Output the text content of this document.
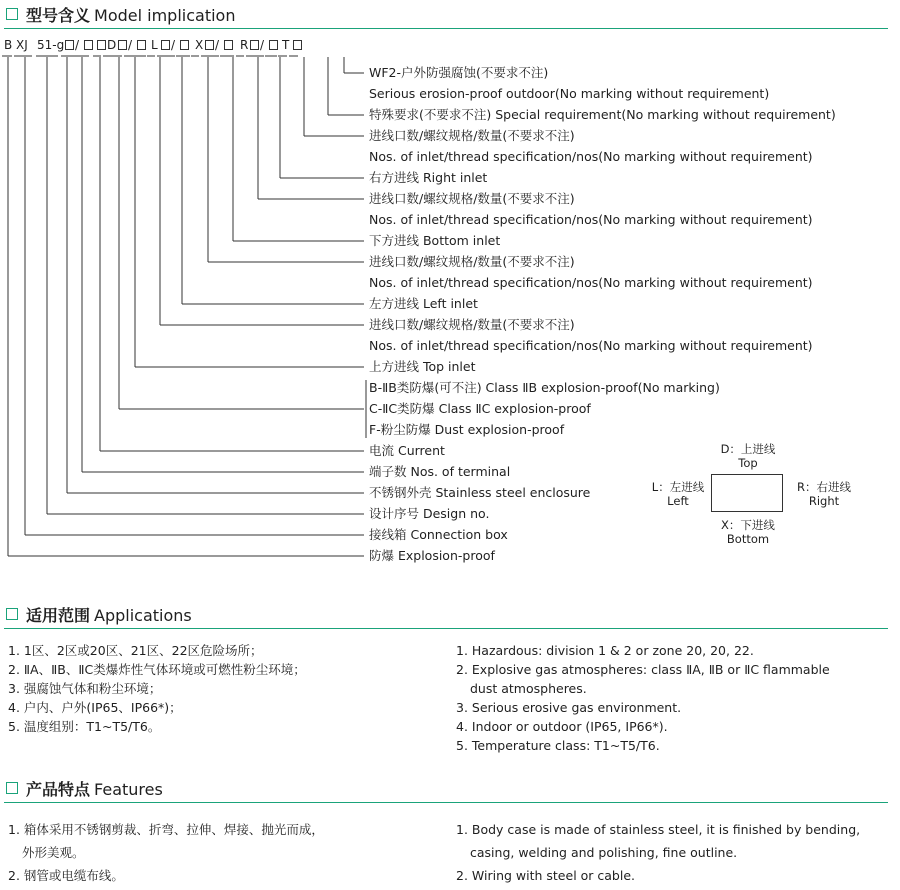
型号含义 Model implication
B XJ 51-g / D / L / X / R / T
WF2-户外防强腐蚀(不要求不注)
Serious erosion-proof outdoor(No marking without requirement)
特殊要求(不要求不注) Special requirement(No marking without requirement)
进线口数/螺纹规格/数量(不要求不注)
Nos. of inlet/thread specification/nos(No marking without requirement)
右方进线 Right inlet
进线口数/螺纹规格/数量(不要求不注)
Nos. of inlet/thread specification/nos(No marking without requirement)
下方进线 Bottom inlet
进线口数/螺纹规格/数量(不要求不注)
Nos. of inlet/thread specification/nos(No marking without requirement)
左方进线 Left inlet
进线口数/螺纹规格/数量(不要求不注)
Nos. of inlet/thread specification/nos(No marking without requirement)
上方进线 Top inlet
B-ⅡB类防爆(可不注) Class ⅡB explosion-proof(No marking)
C-ⅡC类防爆 Class ⅡC explosion-proof
F-粉尘防爆 Dust explosion-proof
电流 Current
端子数 Nos. of terminal
不锈钢外壳 Stainless steel enclosure
设计序号 Design no.
接线箱 Connection box
防爆 Explosion-proof
D：上进线
Top
L：左进线
Left
R：右进线
Right
X：下进线
Bottom
适用范围 Applications
1. 1区、2区或20区、21区、22区危险场所；
2. ⅡA、ⅡB、ⅡC类爆炸性气体环境或可燃性粉尘环境；
3. 强腐蚀气体和粉尘环境；
4. 户内、户外(IP65、IP66*)；
5. 温度组别：T1~T5/T6。
1. Hazardous: division 1 & 2 or zone 20, 20, 22.
2. Explosive gas atmospheres: class ⅡA, ⅡB or ⅡC flammable
dust atmospheres.
3. Serious erosive gas environment.
4. Indoor or outdoor (IP65, IP66*).
5. Temperature class: T1~T5/T6.
产品特点 Features
1. 箱体采用不锈钢剪裁、折弯、拉伸、焊接、抛光而成，
外形美观。
2. 钢管或电缆布线。
1. Body case is made of stainless steel, it is finished by bending,
casing, welding and polishing, fine outline.
2. Wiring with steel or cable.
